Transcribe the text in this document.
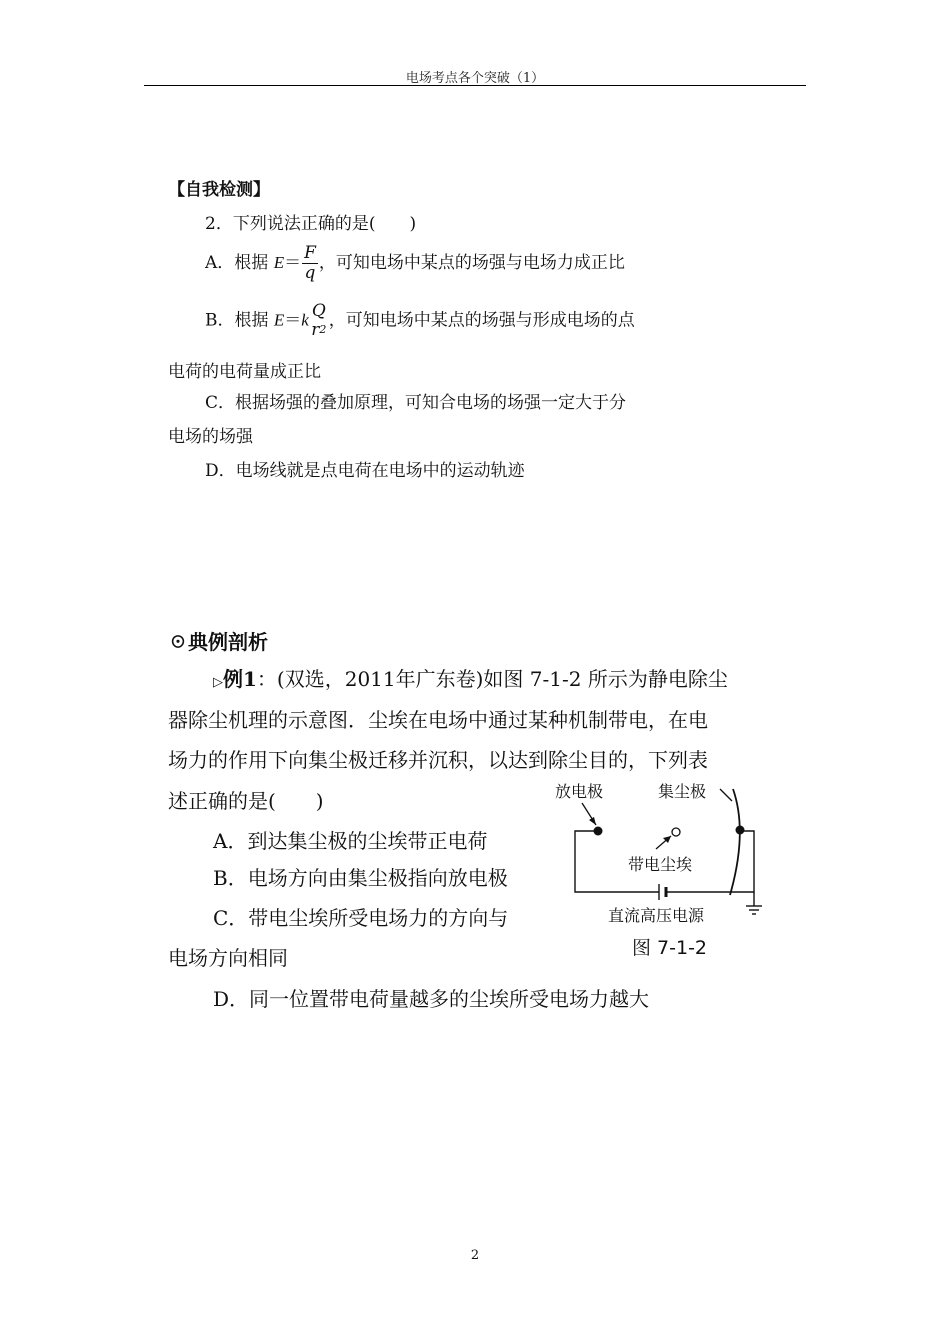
电场考点各个突破（1）
【自我检测】
2．下列说法正确的是(　　)
A．根据 $E= \frac{F}{q}$ ，可知电场中某点的场强与电场力成正比
B．根据 E＝k Q
r2 ，可知电场中某点的场强与形成电场的点
电荷的电荷量成正比
C．根据场强的叠加原理，可知合电场的场强一定大于分
电场的场强
D．电场线就是点电荷在电场中的运动轨迹
☉典例剖析
▷例1：(双选，2011年广东卷)如图 7-1-2 所示为静电除尘
器除尘机理的示意图．尘埃在电场中通过某种机制带电，在电
场力的作用下向集尘极迁移并沉积，以达到除尘目的，下列表
述正确的是(　　)
A．到达集尘极的尘埃带正电荷
B．电场方向由集尘极指向放电极
C．带电尘埃所受电场力的方向与
电场方向相同
D．同一位置带电荷量越多的尘埃所受电场力越大
放电极	集尘极
带电尘埃
直流高压电源
图 7-1-2
2
